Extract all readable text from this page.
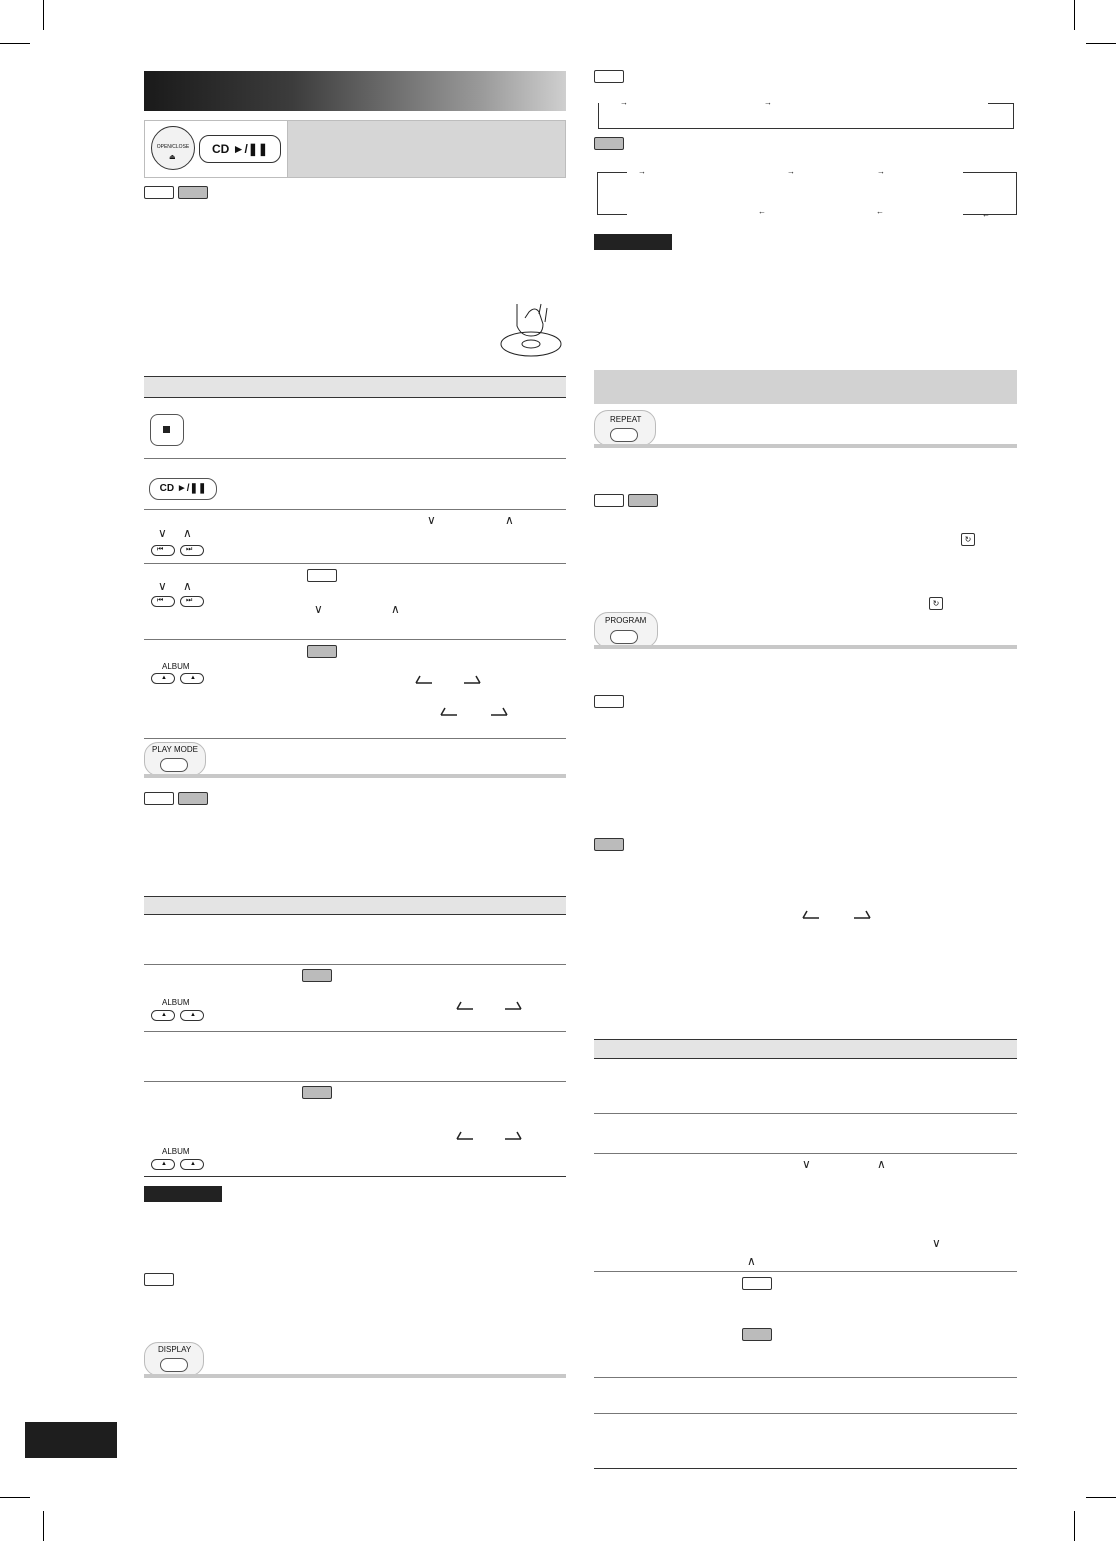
OPEN/CLOSE
⏏
CD ►/❚❚
CD ►/❚❚
∨ ∧
⏮	⏭
∨	∧
∨ ∧
⏮	⏭
∨	∧
ALBUM
▲	▲
PLAY MODE
ALBUM
▲	▲
ALBUM
▲	▲
DISPLAY
→	→
→	→	→
←	←	←
REPEAT
↻
↻
PROGRAM
∨	∧
∨
∧
